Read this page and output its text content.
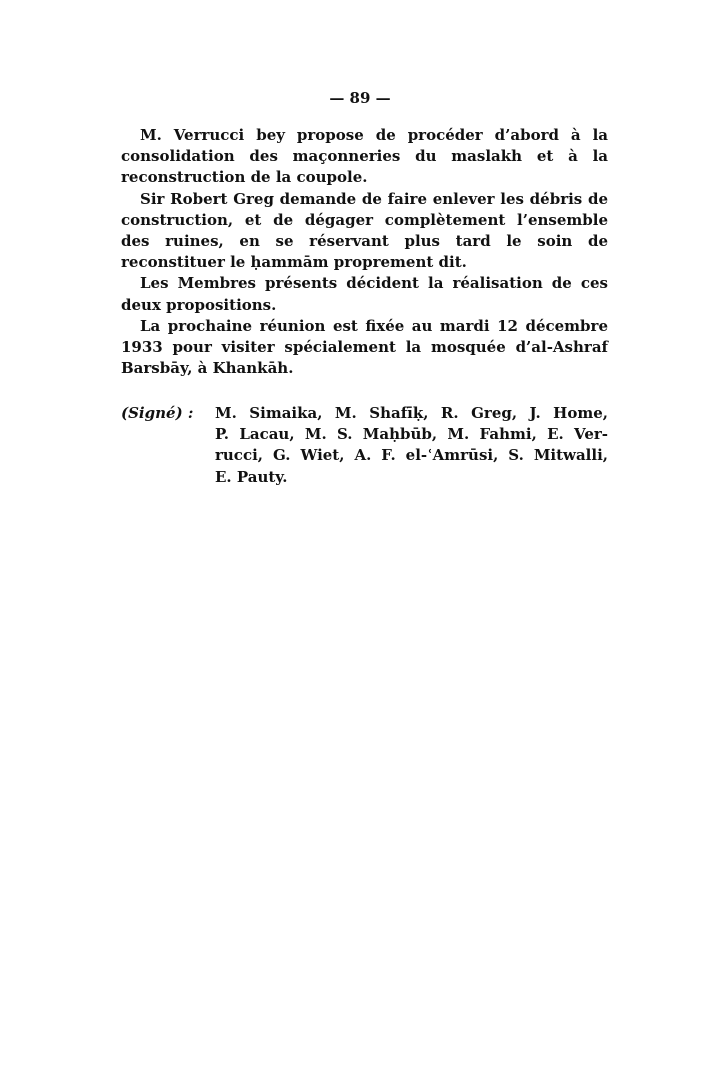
— 89 —

M. Verrucci bey propose de procéder d’abord à la consolidation des maçonneries du maslakh et à la reconstruction de la coupole.

Sir Robert Greg demande de faire enlever les débris de construction, et de dégager complètement l’ensemble des ruines, en se réservant plus tard le soin de reconstituer le ḥammām proprement dit.

Les Membres présents décident la réalisation de ces deux propositions.

La prochaine réunion est fixée au mardi 12 décembre 1933 pour visiter spécialement la mosquée d’al-Ashraf Barsbāy, à Khankāh.

(Signé) : M. Simaika, M. Shafīḳ, R. Greg, J. Home,
P. Lacau, M. S. Maḥbūb, M. Fahmi, E. Ver-
rucci, G. Wiet, A. F. el-ʿAmrūsi, S. Mitwalli,
E. Pauty.
